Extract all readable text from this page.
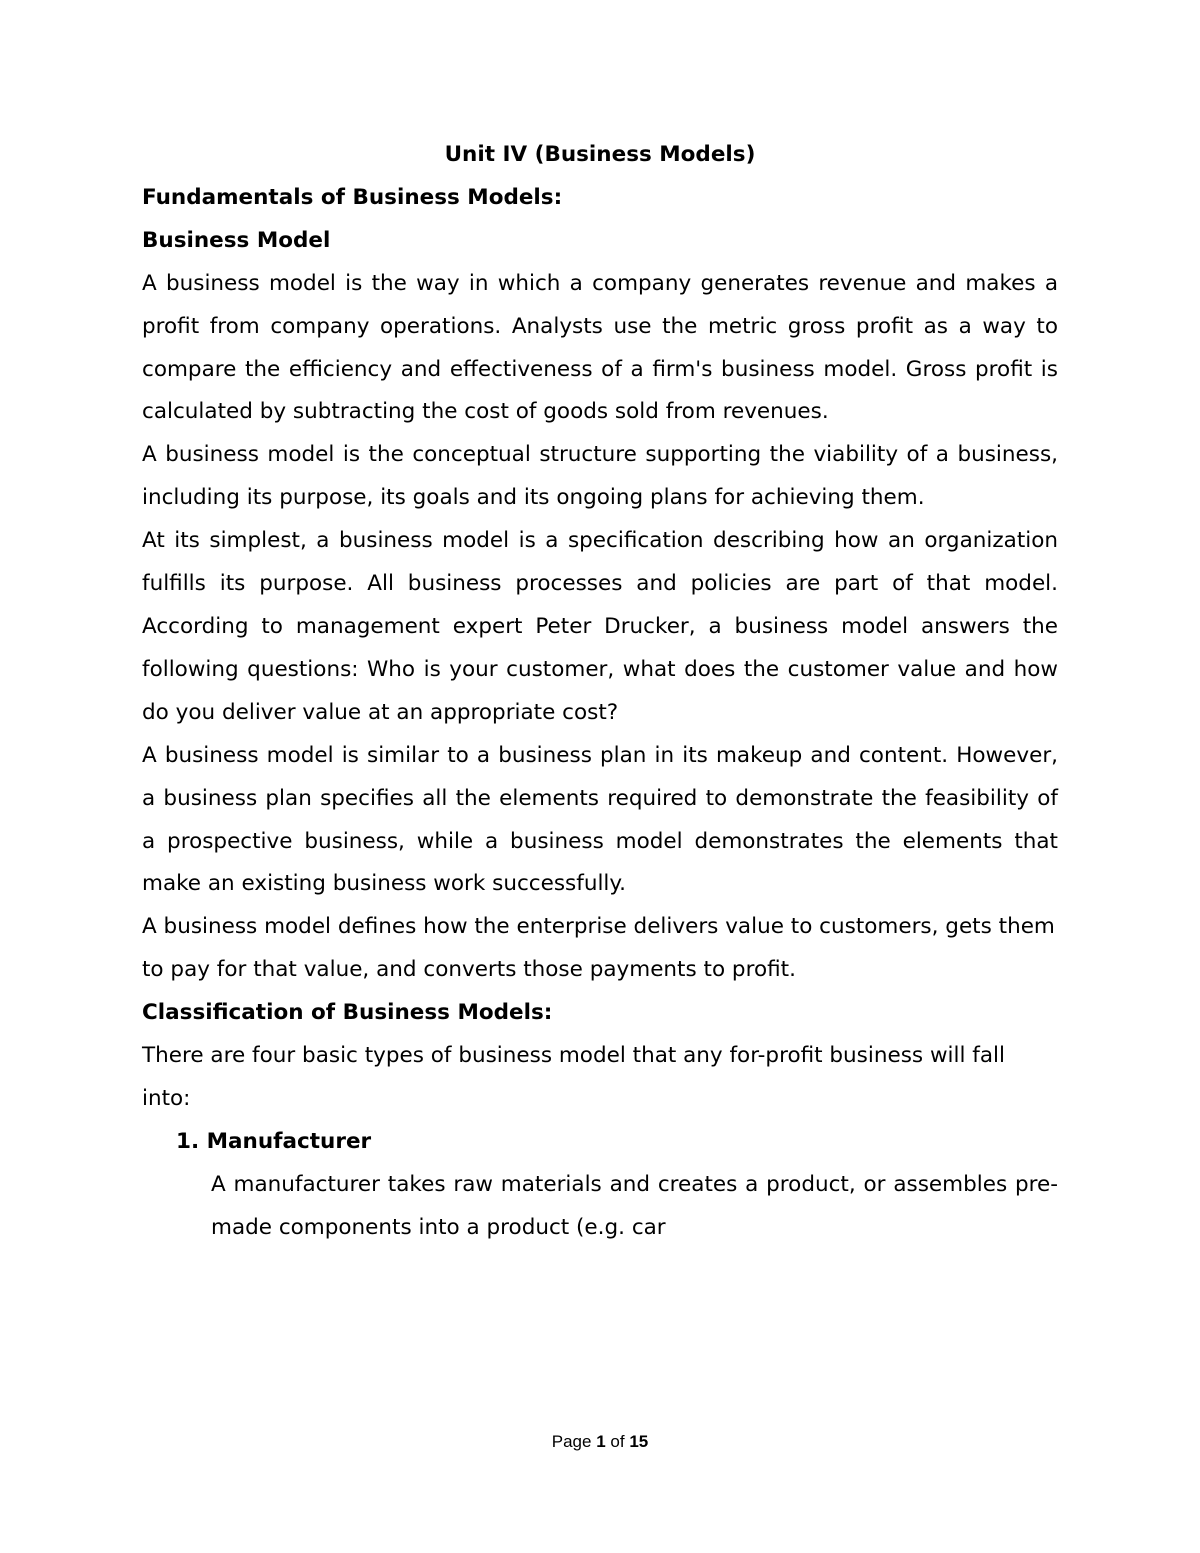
Unit IV (Business Models)

Fundamentals of Business Models:

Business Model

A business model is the way in which a company generates revenue and makes a profit from company operations. Analysts use the metric gross profit as a way to compare the efficiency and effectiveness of a firm's business model. Gross profit is calculated by subtracting the cost of goods sold from revenues.

A business model is the conceptual structure supporting the viability of a business, including its purpose, its goals and its ongoing plans for achieving them.

At its simplest, a business model is a specification describing how an organization fulfills its purpose. All business processes and policies are part of that model. According to management expert Peter Drucker, a business model answers the following questions: Who is your customer, what does the customer value and how do you deliver value at an appropriate cost?

A business model is similar to a business plan in its makeup and content. However, a business plan specifies all the elements required to demonstrate the feasibility of a prospective business, while a business model demonstrates the elements that make an existing business work successfully.

A business model defines how the enterprise delivers value to customers, gets them to pay for that value, and converts those payments to profit.

Classification of Business Models:

There are four basic types of business model that any for-profit business will fall into:

1. Manufacturer

A manufacturer takes raw materials and creates a product, or assembles pre-made components into a product (e.g. car

Page 1 of 15
